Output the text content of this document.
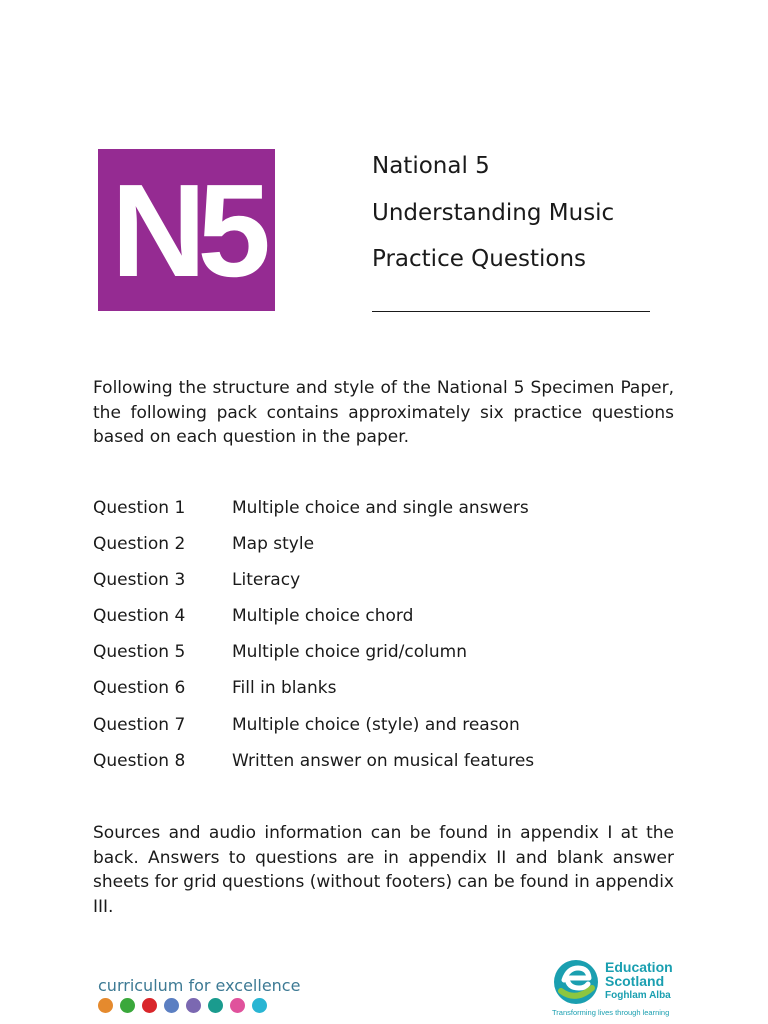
N5	National 5
Understanding Music
Practice Questions

Following the structure and style of the National 5 Specimen Paper, the following pack contains approximately six practice questions based on each question in the paper.

Question 1	Multiple choice and single answers
Question 2	Map style
Question 3	Literacy
Question 4	Multiple choice chord
Question 5	Multiple choice grid/column
Question 6	Fill in blanks
Question 7	Multiple choice (style) and reason
Question 8	Written answer on musical features

Sources and audio information can be found in appendix I at the back. Answers to questions are in appendix II and blank answer sheets for grid questions (without footers) can be found in appendix III.

curriculum for excellence
Education
Scotland
Foghlam Alba
Transforming lives through learning
